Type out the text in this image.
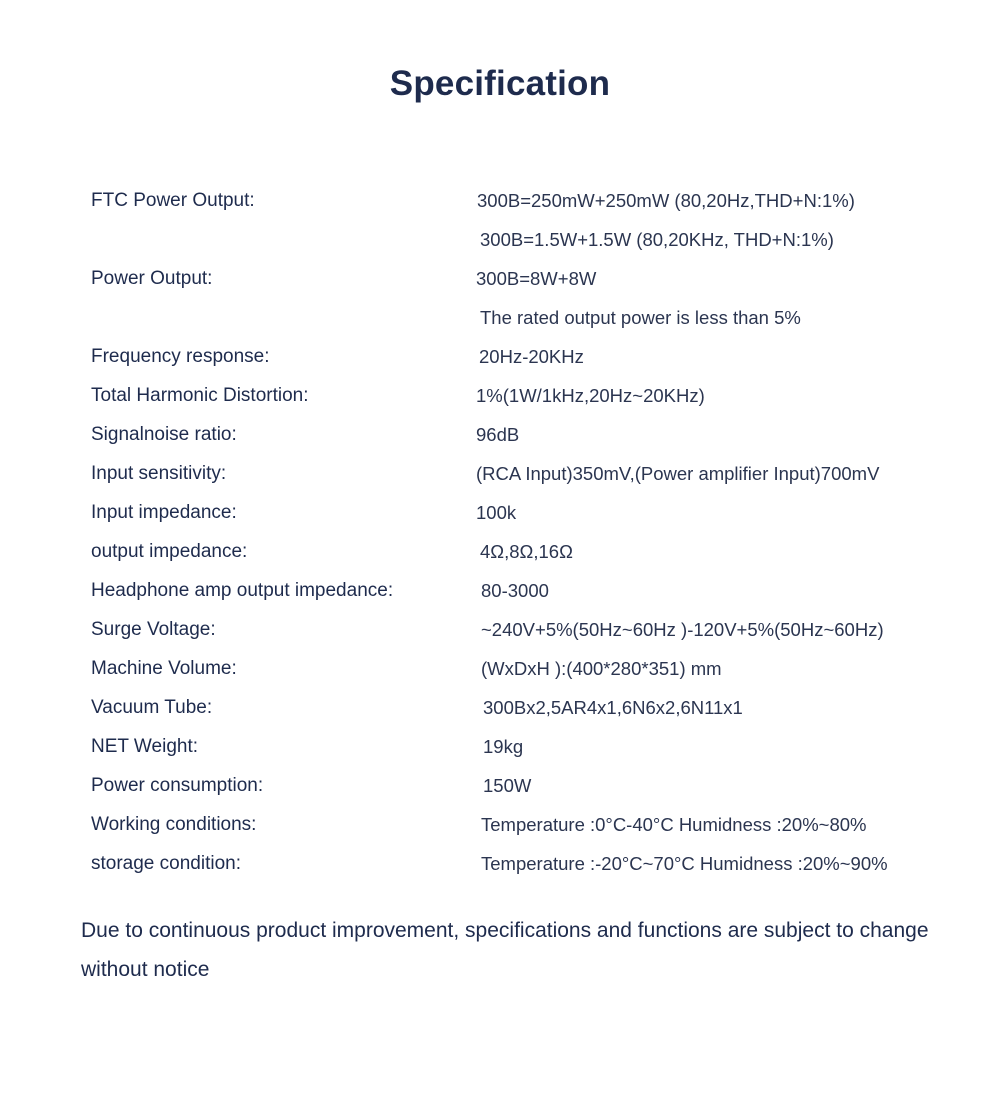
Specification
FTC Power Output:	300B=250mW+250mW (80,20Hz,THD+N:1%)
300B=1.5W+1.5W (80,20KHz, THD+N:1%)
Power Output:	300B=8W+8W
The rated output power is less than 5%
Frequency response:	20Hz-20KHz
Total Harmonic Distortion:	1%(1W/1kHz,20Hz~20KHz)
Signalnoise ratio:	96dB
Input sensitivity:	(RCA Input)350mV,(Power amplifier Input)700mV
Input impedance:	100k
output impedance:	4Ω,8Ω,16Ω
Headphone amp output impedance:	80-3000
Surge Voltage:	~240V+5%(50Hz~60Hz )-120V+5%(50Hz~60Hz)
Machine Volume:	(WxDxH ):(400*280*351) mm
Vacuum Tube:	300Bx2,5AR4x1,6N6x2,6N11x1
NET Weight:	19kg
Power consumption:	150W
Working conditions:	Temperature :0°C-40°C Humidness :20%~80%
storage condition:	Temperature :-20°C~70°C Humidness :20%~90%
Due to continuous product improvement, specifications and functions are subject to change without notice
